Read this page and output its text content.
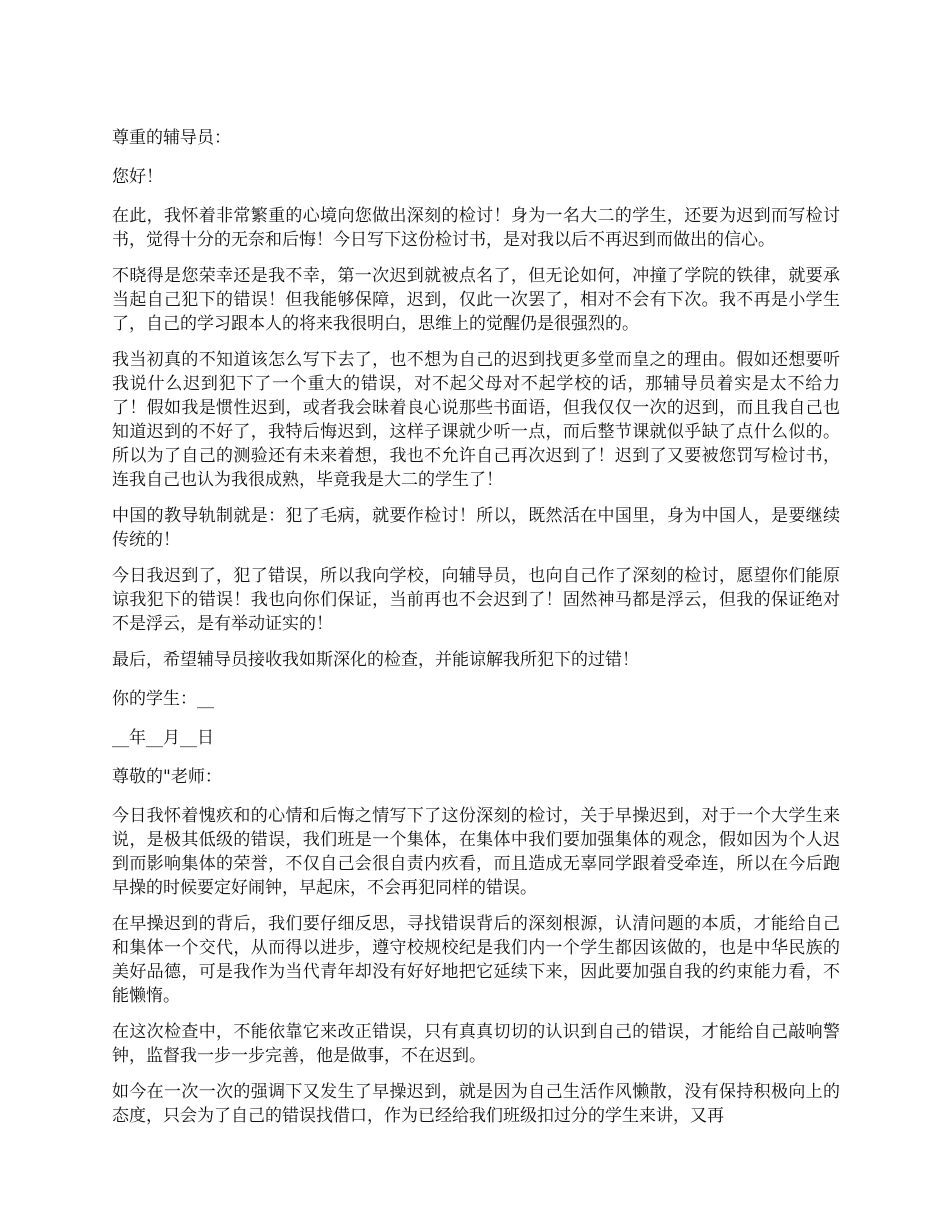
尊重的辅导员：

您好！

在此，我怀着非常繁重的心境向您做出深刻的检讨！身为一名大二的学生，还要为迟到而写检讨书，觉得十分的无奈和后悔！今日写下这份检讨书，是对我以后不再迟到而做出的信心。

不晓得是您荣幸还是我不幸，第一次迟到就被点名了，但无论如何，冲撞了学院的铁律，就要承当起自己犯下的错误！但我能够保障，迟到，仅此一次罢了，相对不会有下次。我不再是小学生了，自己的学习跟本人的将来我很明白，思维上的觉醒仍是很强烈的。

我当初真的不知道该怎么写下去了，也不想为自己的迟到找更多堂而皇之的理由。假如还想要听我说什么迟到犯下了一个重大的错误，对不起父母对不起学校的话，那辅导员着实是太不给力了！假如我是惯性迟到，或者我会昧着良心说那些书面语，但我仅仅一次的迟到，而且我自己也知道迟到的不好了，我特后悔迟到，这样子课就少听一点，而后整节课就似乎缺了点什么似的。所以为了自己的测验还有未来着想，我也不允许自己再次迟到了！迟到了又要被您罚写检讨书，连我自己也认为我很成熟，毕竟我是大二的学生了！

中国的教导轨制就是：犯了毛病，就要作检讨！所以，既然活在中国里，身为中国人，是要继续传统的！

今日我迟到了，犯了错误，所以我向学校，向辅导员，也向自己作了深刻的检讨，愿望你们能原谅我犯下的错误！我也向你们保证，当前再也不会迟到了！固然神马都是浮云，但我的保证绝对不是浮云，是有举动证实的！

最后，希望辅导员接收我如斯深化的检查，并能谅解我所犯下的过错！

你的学生：__

__年__月__日

尊敬的"老师：

今日我怀着愧疚和的心情和后悔之情写下了这份深刻的检讨，关于早操迟到，对于一个大学生来说，是极其低级的错误，我们班是一个集体，在集体中我们要加强集体的观念，假如因为个人迟到而影响集体的荣誉，不仅自己会很自责内疚看，而且造成无辜同学跟着受牵连，所以在今后跑早操的时候要定好闹钟，早起床，不会再犯同样的错误。

在早操迟到的背后，我们要仔细反思，寻找错误背后的深刻根源，认清问题的本质，才能给自己和集体一个交代，从而得以进步，遵守校规校纪是我们内一个学生都因该做的，也是中华民族的美好品德，可是我作为当代青年却没有好好地把它延续下来，因此要加强自我的约束能力看，不能懒惰。

在这次检查中，不能依靠它来改正错误，只有真真切切的认识到自己的错误，才能给自己敲响警钟，监督我一步一步完善，他是做事，不在迟到。

如今在一次一次的强调下又发生了早操迟到，就是因为自己生活作风懒散，没有保持积极向上的态度，只会为了自己的错误找借口，作为已经给我们班级扣过分的学生来讲，又再
